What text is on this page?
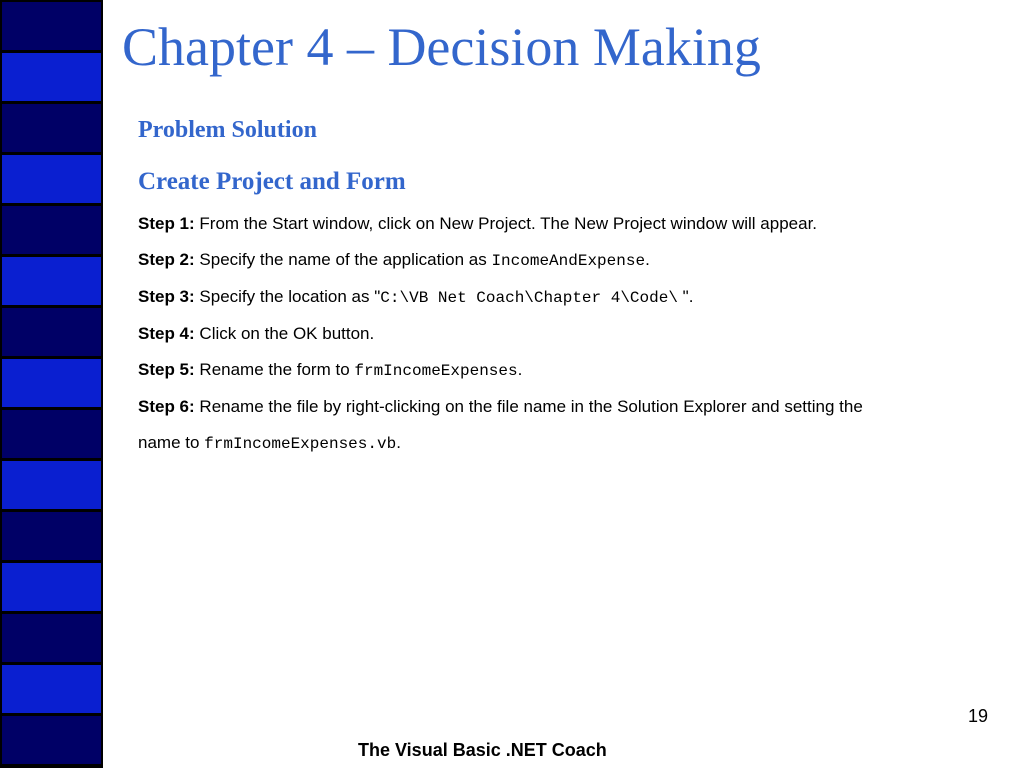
Chapter 4 – Decision Making
Problem Solution
Create Project and Form
Step 1: From the Start window, click on New Project. The New Project window will appear.
Step 2: Specify the name of the application as IncomeAndExpense.
Step 3: Specify the location as "C:\VB Net Coach\Chapter 4\Code\ ".
Step 4: Click on the OK button.
Step 5: Rename the form to frmIncomeExpenses.
Step 6: Rename the file by right-clicking on the file name in the Solution Explorer and setting the name to frmIncomeExpenses.vb.
19
The Visual Basic .NET Coach
